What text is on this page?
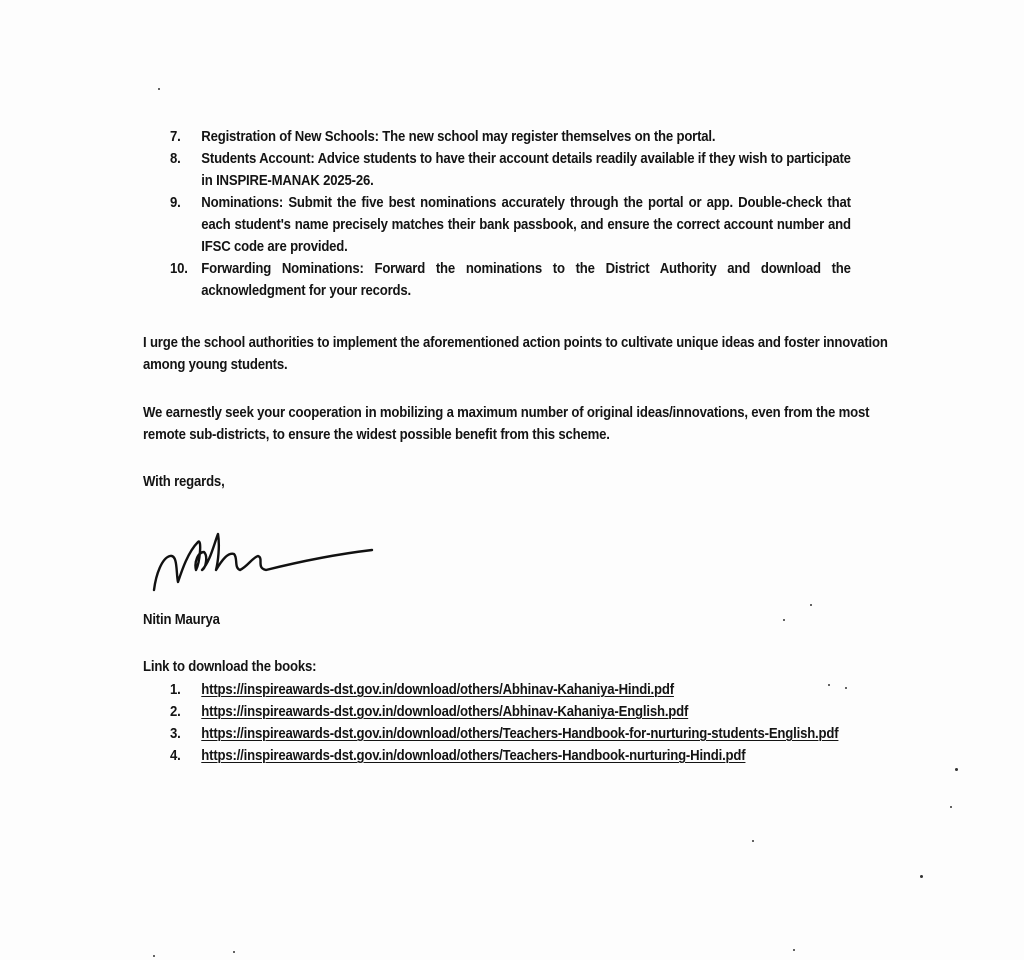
7.	Registration of New Schools: The new school may register themselves on the portal.
8.	Students Account: Advice students to have their account details readily available if they wish to participate in INSPIRE-MANAK 2025-26.
9.	Nominations: Submit the five best nominations accurately through the portal or app. Double-check that each student's name precisely matches their bank passbook, and ensure the correct account number and IFSC code are provided.
10. Forwarding Nominations: Forward the nominations to the District Authority and download the acknowledgment for your records.

I urge the school authorities to implement the aforementioned action points to cultivate unique ideas and foster innovation among young students.

We earnestly seek your cooperation in mobilizing a maximum number of original ideas/innovations, even from the most remote sub-districts, to ensure the widest possible benefit from this scheme.

With regards,
Nitin Maurya
Link to download the books:
1.	https://inspireawards-dst.gov.in/download/others/Abhinav-Kahaniya-Hindi.pdf
2.	https://inspireawards-dst.gov.in/download/others/Abhinav-Kahaniya-English.pdf
3.	https://inspireawards-dst.gov.in/download/others/Teachers-Handbook-for-nurturing-students-English.pdf
4.	https://inspireawards-dst.gov.in/download/others/Teachers-Handbook-nurturing-Hindi.pdf
